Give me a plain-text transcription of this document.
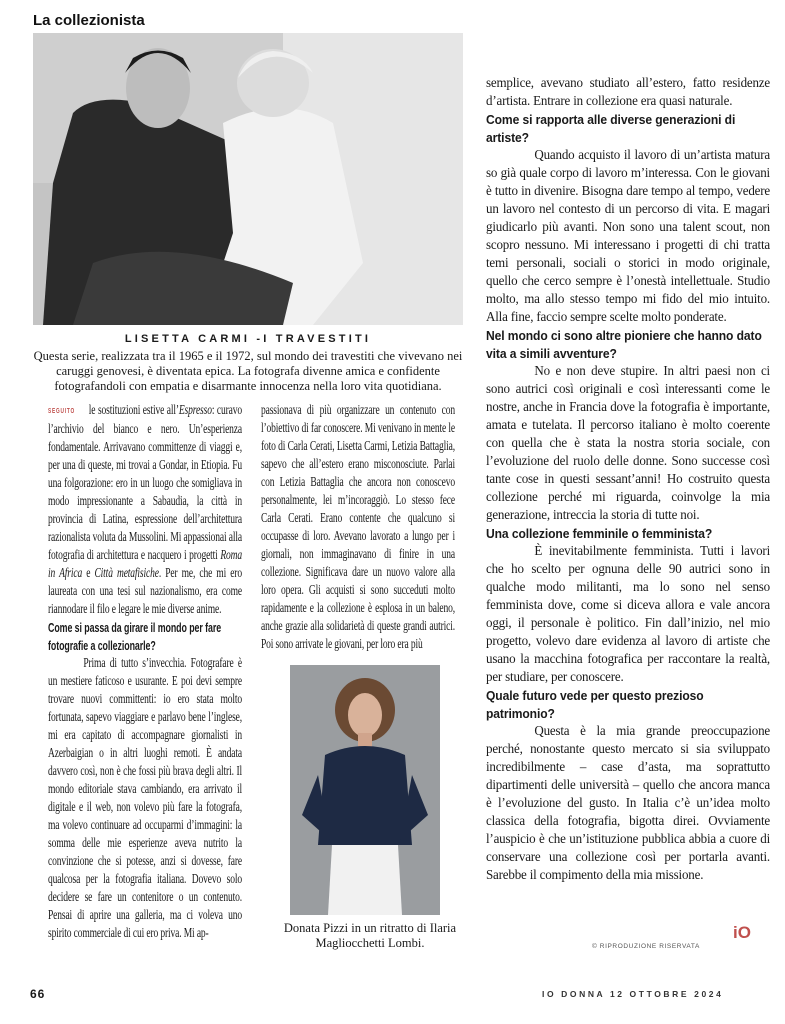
La collezionista
LISETTA CARMI -I TRAVESTITI
Questa serie, realizzata tra il 1965 e il 1972, sul mondo dei travestiti che vivevano nei caruggi genovesi, è diventata epica. La fotografa divenne amica e confidente fotografandoli con empatia e disarmante innocenza nella loro vita quotidiana.

SEGUITO le sostituzioni estive all’Espresso: curavo l’archivio del bianco e nero. Un’esperienza fondamentale. Arrivavano committenze di viaggi e, per una di queste, mi trovai a Gondar, in Etiopia. Fu una folgorazione: ero in un luogo che somigliava in modo impressionante a Sabaudia, la città in provincia di Latina, espressione dell’architettura razionalista voluta da Mussolini. Mi appassionai alla fotografia di architettura e nacquero i progetti Roma in Africa e Città metafisiche. Per me, che mi ero laureata con una tesi sul nazionalismo, era come riannodare il filo e legare le mie diverse anime.

Come si passa da girare il mondo per fare fotografie a collezionarle?

Prima di tutto s’invecchia. Fotografare è un mestiere faticoso e usurante. E poi devi sempre trovare nuovi committenti: io ero stata molto fortunata, sapevo viaggiare e parlavo bene l’inglese, mi era capitato di accompagnare giornalisti in Azerbaigian o in altri luoghi remoti. È andata davvero così, non è che fossi più brava degli altri. Il mondo editoriale stava cambiando, era arrivato il digitale e il web, non volevo più fare la fotografa, ma volevo continuare ad occuparmi d’immagini: la somma delle mie esperienze aveva nutrito la convinzione che si potesse, anzi si dovesse, fare qualcosa per la fotografia italiana. Dovevo solo decidere se fare un contenitore o un contenuto. Pensai di aprire una galleria, ma ci voleva uno spirito commerciale di cui ero priva. Mi ap-

passionava di più organizzare un contenuto con l’obiettivo di far conoscere. Mi venivano in mente le foto di Carla Cerati, Lisetta Carmi, Letizia Battaglia, sapevo che all’estero erano misconosciute. Parlai con Letizia Battaglia che ancora non conoscevo personalmente, lei m’incoraggiò. Lo stesso fece Carla Cerati. Erano contente che qualcuno si occupasse di loro. Avevano lavorato a lungo per i giornali, non immaginavano di finire in una collezione. Significava dare un nuovo valore alla loro opera. Gli acquisti si sono succeduti molto rapidamente e la collezione è esplosa in un baleno, anche grazie alla solidarietà di queste grandi autrici. Poi sono arrivate le giovani, per loro era più

Donata Pizzi in un ritratto di Ilaria Magliocchetti Lombi.

semplice, avevano studiato all’estero, fatto residenze d’artista. Entrare in collezione era quasi naturale.

Come si rapporta alle diverse generazioni di artiste?

Quando acquisto il lavoro di un’artista matura so già quale corpo di lavoro m’interessa. Con le giovani è tutto in divenire. Bisogna dare tempo al tempo, vedere un lavoro nel contesto di un percorso di vita. E magari giudicarlo più avanti. Non sono una talent scout, non scopro nessuno. Mi interessano i progetti di chi tratta temi personali, sociali o storici in modo originale, quello che cerco sempre è l’onestà intellettuale. Studio molto, ma allo stesso tempo mi fido del mio intuito. Alla fine, faccio sempre scelte molto ponderate.

Nel mondo ci sono altre pioniere che hanno dato vita a simili avventure?

No e non deve stupire. In altri paesi non ci sono autrici così originali e così interessanti come le nostre, anche in Francia dove la fotografia è importante, amata e tutelata. Il percorso italiano è molto coerente con quella che è stata la nostra storia sociale, con l’evoluzione del ruolo delle donne. Sono successe così tante cose in questi sessant’anni! Ho costruito questa collezione perché mi riguarda, coinvolge la mia generazione, intreccia la storia di tutte noi.

Una collezione femminile o femminista?

È inevitabilmente femminista. Tutti i lavori che ho scelto per ognuna delle 90 autrici sono in qualche modo militanti, ma lo sono nel senso femminista dove, come si diceva allora e vale ancora oggi, il personale è politico. Fin dall’inizio, nel mio progetto, volevo dare evidenza al lavoro di artiste che usano la macchina fotografica per raccontare la realtà, per studiare, per conoscere.

Quale futuro vede per questo prezioso patrimonio?

Questa è la mia grande preoccupazione perché, nonostante questo mercato si sia sviluppato incredibilmente – case d’asta, ma soprattutto dipartimenti delle università – quello che ancora manca è l’evoluzione del gusto. In Italia c’è un’idea molto classica della fotografia, bigotta direi. Ovviamente l’auspicio è che un’istituzione pubblica abbia a cuore di conservare una collezione così per portarla avanti. Sarebbe il compimento della mia missione.

iO
© RIPRODUZIONE RISERVATA
66	IO DONNA 12 OTTOBRE 2024
